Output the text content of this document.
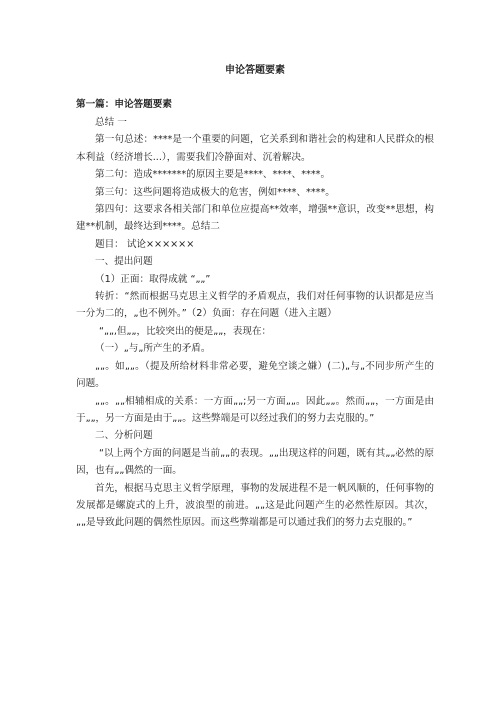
申论答题要素
第一篇：申论答题要素

总结 一

第一句总述：****是一个重要的问题，它关系到和谐社会的构建和人民群众的根本利益（经济增长...），需要我们冷静面对、沉着解决。

第二句：造成*******的原因主要是****、****、****。

第三句：这些问题将造成极大的危害，例如****、****。

第四句：这要求各相关部门和单位应提高**效率，增强**意识，改变**思想，构建**机制，最终达到****。总结二

题目： 试论××××××

一、提出问题

（1）正面：取得成就 “„„”

转折：“然而根据马克思主义哲学的矛盾观点，我们对任何事物的认识都是应当一分为二的，„也不例外。”（2）负面：存在问题（进入主题）

“„„,但„„，比较突出的便是„„，表现在：

（一）„与„所产生的矛盾。

„„。如„„。（提及所给材料非常必要，避免空谈之嫌）(二)„与„不同步所产生的问题。

„„。„„相辅相成的关系：一方面„„;另一方面„„。因此„„。然而„„，一方面是由于„„，另一方面是由于„„。这些弊端是可以经过我们的努力去克服的。”

二、分析问题

“以上两个方面的问题是当前„„的表现。„„出现这样的问题，既有其„„必然的原因，也有„„偶然的一面。

首先，根据马克思主义哲学原理，事物的发展进程不是一帆风顺的，任何事物的发展都是螺旋式的上升，波浪型的前进。„„这是此问题产生的必然性原因。其次，„„是导致此问题的偶然性原因。而这些弊端都是可以通过我们的努力去克服的。”
